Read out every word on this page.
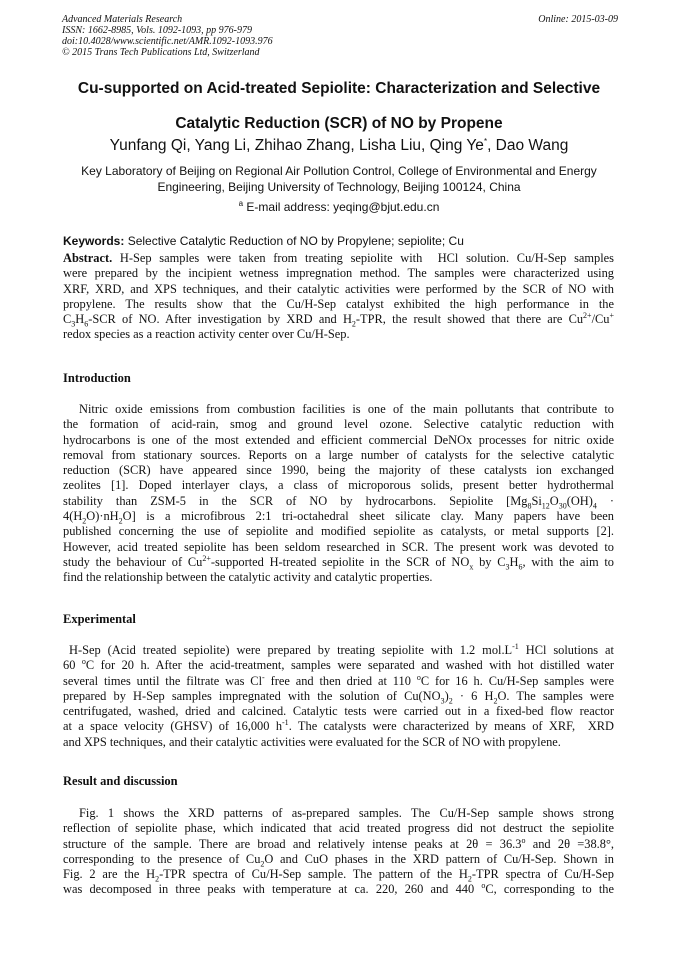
Advanced Materials Research
ISSN: 1662-8985, Vols. 1092-1093, pp 976-979
doi:10.4028/www.scientific.net/AMR.1092-1093.976
© 2015 Trans Tech Publications Ltd, Switzerland
Online: 2015-03-09
Cu-supported on Acid-treated Sepiolite: Characterization and Selective
Catalytic Reduction (SCR) of NO by Propene
Yunfang Qi, Yang Li, Zhihao Zhang, Lisha Liu, Qing Ye*, Dao Wang
Key Laboratory of Beijing on Regional Air Pollution Control, College of Environmental and Energy
Engineering, Beijing University of Technology, Beijing 100124, China
$^a$ E-mail address: yeqing@bjut.edu.cn
Keywords: Selective Catalytic Reduction of NO by Propylene; sepiolite; Cu
Abstract. H-Sep samples were taken from treating sepiolite with  HCl solution. Cu/H-Sep samples
were prepared by the incipient wetness impregnation method. The samples were characterized using
XRF, XRD, and XPS techniques, and their catalytic activities were performed by the SCR of NO with
propylene. The results show that the Cu/H-Sep catalyst exhibited the high performance in the
$C_3H_6$-SCR of NO. After investigation by XRD and $H_2$-TPR, the result showed that there are $Cu^{2+}/Cu^+$
redox species as a reaction activity center over Cu/H-Sep.
Introduction
Nitric oxide emissions from combustion facilities is one of the main pollutants that contribute to
the formation of acid-rain, smog and ground level ozone. Selective catalytic reduction with
hydrocarbons is one of the most extended and efficient commercial DeNOx processes for nitric oxide
removal from stationary sources. Reports on a large number of catalysts for the selective catalytic
reduction (SCR) have appeared since 1990, being the majority of these catalysts ion exchanged
zeolites [1]. Doped interlayer clays, a class of microporous solids, present better hydrothermal
stability than ZSM-5 in the SCR of NO by hydrocarbons. Sepiolite [$Mg_8Si_{12}O_{30}(OH)_4$ ·
$4(H_2O)\cdot nH_2O$] is a microfibrous 2:1 tri-octahedral sheet silicate clay. Many papers have been
published concerning the use of sepiolite and modified sepiolite as catalysts, or metal supports [2].
However, acid treated sepiolite has been seldom researched in SCR. The present work was devoted to
study the behaviour of $Cu^{2+}$-supported H-treated sepiolite in the SCR of $NO_x$ by $C_3H_6$, with the aim to
find the relationship between the catalytic activity and catalytic properties.
Experimental
H-Sep (Acid treated sepiolite) were prepared by treating sepiolite with 1.2 $mol.L^{-1}$ HCl solutions at
60 $^o$C for 20 h. After the acid-treatment, samples were separated and washed with hot distilled water
several times until the filtrate was Cl- free and then dried at 110 $^o$C for 16 h. Cu/H-Sep samples were
prepared by H-Sep samples impregnated with the solution of $Cu(NO_3)_2 \cdot 6$ $H_2O$. The samples were
centrifugated, washed, dried and calcined. Catalytic tests were carried out in a fixed-bed flow reactor
at a space velocity (GHSV) of 16,000 $h^{-1}$. The catalysts were characterized by means of XRF,  XRD
and XPS techniques, and their catalytic activities were evaluated for the SCR of NO with propylene.
Result and discussion
Fig. 1 shows the XRD patterns of as-prepared samples. The Cu/H-Sep sample shows strong
reflection of sepiolite phase, which indicated that acid treated progress did not destruct the sepiolite
structure of the sample. There are broad and relatively intense peaks at $2\theta = 36.3^o$ and 2θ =38.8°,
corresponding to the presence of $Cu_2O$ and CuO phases in the XRD pattern of Cu/H-Sep. Shown in
Fig. 2 are the $H_2$-TPR spectra of Cu/H-Sep sample. The pattern of the $H_2$-TPR spectra of Cu/H-Sep
was decomposed in three peaks with temperature at ca. 220, 260 and 440 $^o$C, corresponding to the
